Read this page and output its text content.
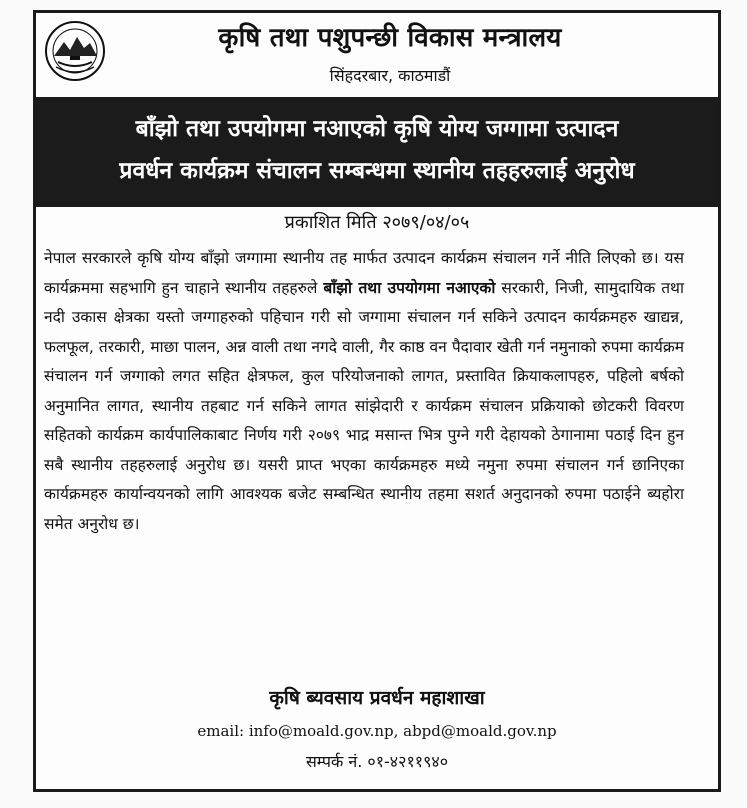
कृषि तथा पशुपन्छी विकास मन्त्रालय
सिंहदरबार, काठमाडौं
बाँझो तथा उपयोगमा नआएको कृषि योग्य जग्गामा उत्पादन
प्रवर्धन कार्यक्रम संचालन सम्बन्धमा स्थानीय तहहरुलाई अनुरोध
प्रकाशित मिति २०७९/०४/०५
नेपाल सरकारले कृषि योग्य बाँझो जग्गामा स्थानीय तह मार्फत उत्पादन कार्यक्रम संचालन गर्ने नीति लिएको छ। यस कार्यक्रममा सहभागि हुन चाहाने स्थानीय तहहरुले बाँझो तथा उपयोगमा नआएको सरकारी, निजी, सामुदायिक तथा नदी उकास क्षेत्रका यस्तो जग्गाहरुको पहिचान गरी सो जग्गामा संचालन गर्न सकिने उत्पादन कार्यक्रमहरु खाद्यन्न, फलफूल, तरकारी, माछा पालन, अन्न वाली तथा नगदे वाली, गैर काष्ठ वन पैदावार खेती गर्न नमुनाको रुपमा कार्यक्रम संचालन गर्न जग्गाको लगत सहित क्षेत्रफल, कुल परियोजनाको लागत, प्रस्तावित क्रियाकलापहरु, पहिलो बर्षको अनुमानित लागत, स्थानीय तहबाट गर्न सकिने लागत सांझेदारी र कार्यक्रम संचालन प्रक्रियाको छोटकरी विवरण सहितको कार्यक्रम कार्यपालिकाबाट निर्णय गरी २०७९ भाद्र मसान्त भित्र पुग्ने गरी देहायको ठेगानामा पठाई दिन हुन सबै स्थानीय तहहरुलाई अनुरोध छ। यसरी प्राप्त भएका कार्यक्रमहरु मध्ये नमुना रुपमा संचालन गर्न छानिएका कार्यक्रमहरु कार्यान्वयनको लागि आवश्यक बजेट सम्बन्धित स्थानीय तहमा सशर्त अनुदानको रुपमा पठाईने ब्यहोरा समेत अनुरोध छ।
कृषि ब्यवसाय प्रवर्धन महाशाखा
email: info@moald.gov.np, abpd@moald.gov.np
सम्पर्क नं. ०१-४२११९४०
